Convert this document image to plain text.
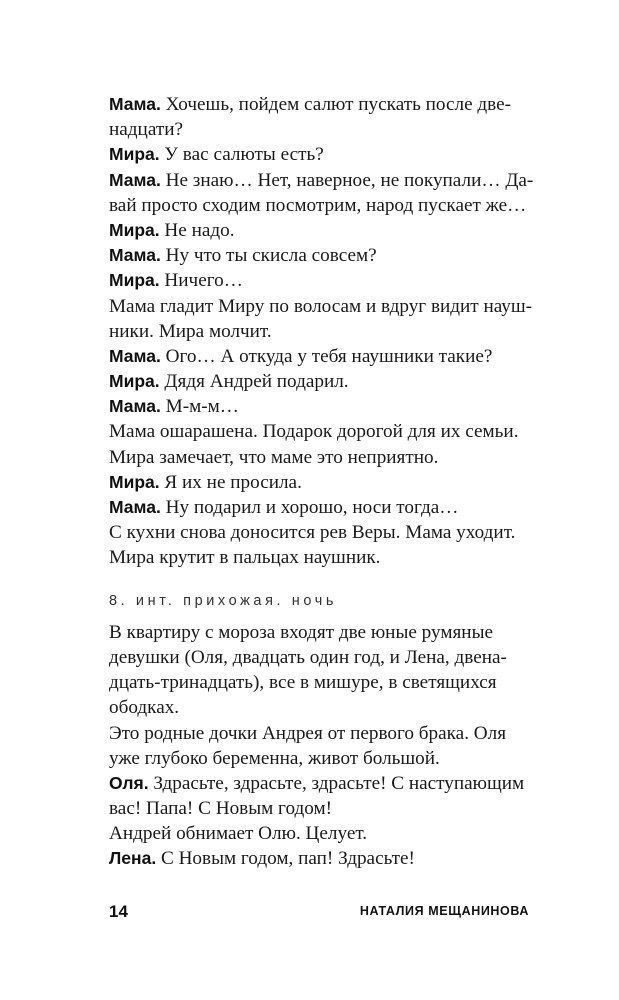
Мама. Хочешь, пойдем салют пускать после две-
надцати?
Мира. У вас салюты есть?
Мама. Не знаю… Нет, наверное, не покупали… Да-
вай просто сходим посмотрим, народ пускает же…
Мира. Не надо.
Мама. Ну что ты скисла совсем?
Мира. Ничего…
Мама гладит Миру по волосам и вдруг видит науш-
ники. Мира молчит.
Мама. Ого… А откуда у тебя наушники такие?
Мира. Дядя Андрей подарил.
Мама. М-м-м…
Мама ошарашена. Подарок дорогой для их семьи.
Мира замечает, что маме это неприятно.
Мира. Я их не просила.
Мама. Ну подарил и хорошо, носи тогда…
С кухни снова доносится рев Веры. Мама уходит.
Мира крутит в пальцах наушник.
8. инт. прихожая. ночь
В квартиру с мороза входят две юные румяные
девушки (Оля, двадцать один год, и Лена, двена-
дцать-тринадцать), все в мишуре, в светящихся
ободках.
Это родные дочки Андрея от первого брака. Оля
уже глубоко беременна, живот большой.
Оля. Здрасьте, здрасьте, здрасьте! С наступающим
вас! Папа! С Новым годом!
Андрей обнимает Олю. Целует.
Лена. С Новым годом, пап! Здрасьте!
14	НАТАЛИЯ МЕЩАНИНОВА
